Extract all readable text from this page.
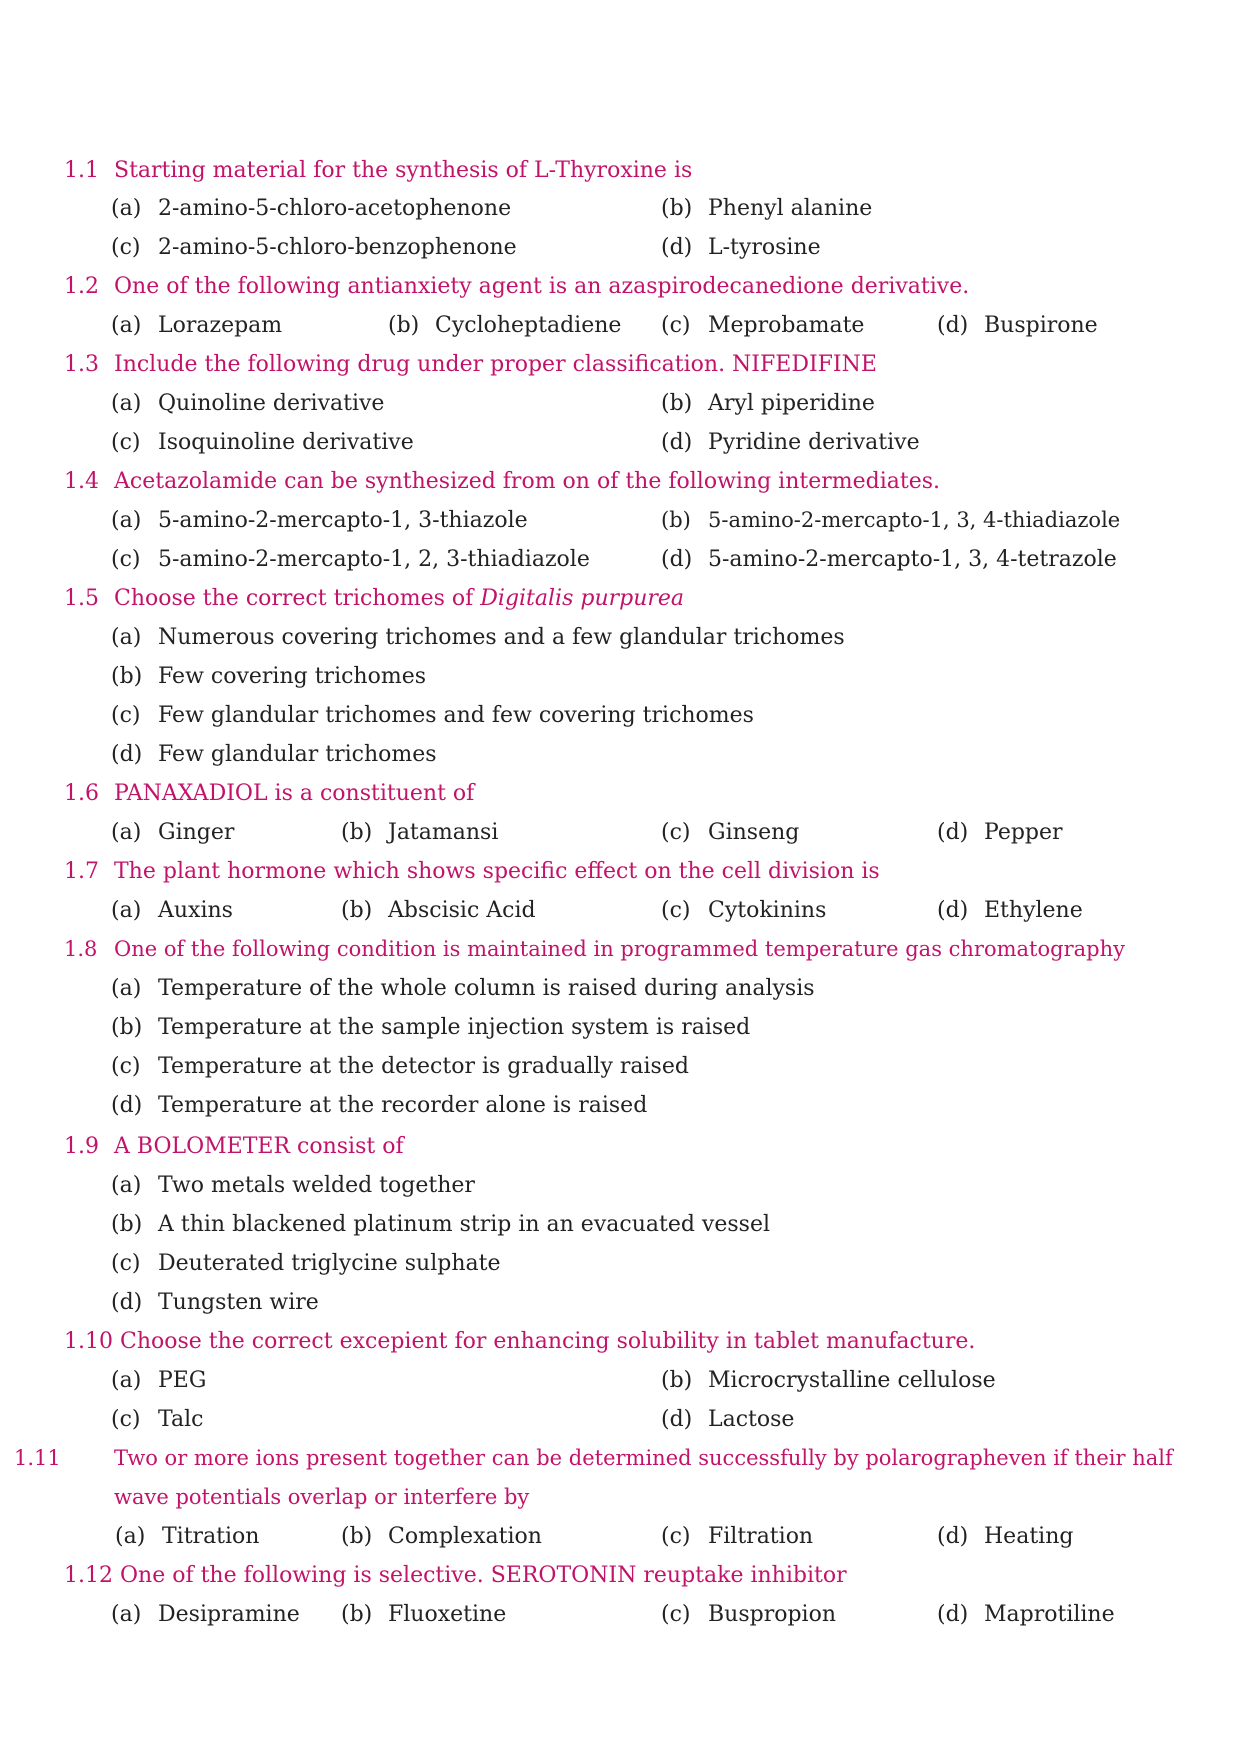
1.1 Starting material for the synthesis of L-Thyroxine is
(a) 2-amino-5-chloro-acetophenone	(b) Phenyl alanine
(c) 2-amino-5-chloro-benzophenone	(d) L-tyrosine
1.2 One of the following antianxiety agent is an azaspirodecanedione derivative.
(a) Lorazepam	(b) Cycloheptadiene (c) Meprobamate	(d) Buspirone
1.3 Include the following drug under proper classification. NIFEDIFINE
(a) Quinoline derivative	(b) Aryl piperidine
(c) Isoquinoline derivative	(d) Pyridine derivative
1.4 Acetazolamide can be synthesized from on of the following intermediates.
(a) 5-amino-2-mercapto-1, 3-thiazole	(b) 5-amino-2-mercapto-1, 3, 4-thiadiazole
(c) 5-amino-2-mercapto-1, 2, 3-thiadiazole	(d) 5-amino-2-mercapto-1, 3, 4-tetrazole
1.5 Choose the correct trichomes of Digitalis purpurea
(a) Numerous covering trichomes and a few glandular trichomes
(b) Few covering trichomes
(c) Few glandular trichomes and few covering trichomes
(d) Few glandular trichomes
1.6 PANAXADIOL is a constituent of
(a) Ginger	(b) Jatamansi	(c) Ginseng	(d) Pepper
1.7 The plant hormone which shows specific effect on the cell division is
(a) Auxins	(b) Abscisic Acid	(c) Cytokinins	(d) Ethylene
1.8 One of the following condition is maintained in programmed temperature gas chromatography
(a) Temperature of the whole column is raised during analysis
(b) Temperature at the sample injection system is raised
(c) Temperature at the detector is gradually raised
(d) Temperature at the recorder alone is raised
1.9 A BOLOMETER consist of
(a) Two metals welded together
(b) A thin blackened platinum strip in an evacuated vessel
(c) Deuterated triglycine sulphate
(d) Tungsten wire
1.10 Choose the correct excepient for enhancing solubility in tablet manufacture.
(a) PEG	(b) Microcrystalline cellulose
(c) Talc	(d) Lactose
1.11	Two or more ions present together can be determined successfully by polarographeven if their half wave potentials overlap or interfere by
(a) Titration	(b) Complexation	(c) Filtration	(d) Heating
1.12 One of the following is selective. SEROTONIN reuptake inhibitor
(a) Desipramine (b) Fluoxetine	(c) Buspropion	(d) Maprotiline
